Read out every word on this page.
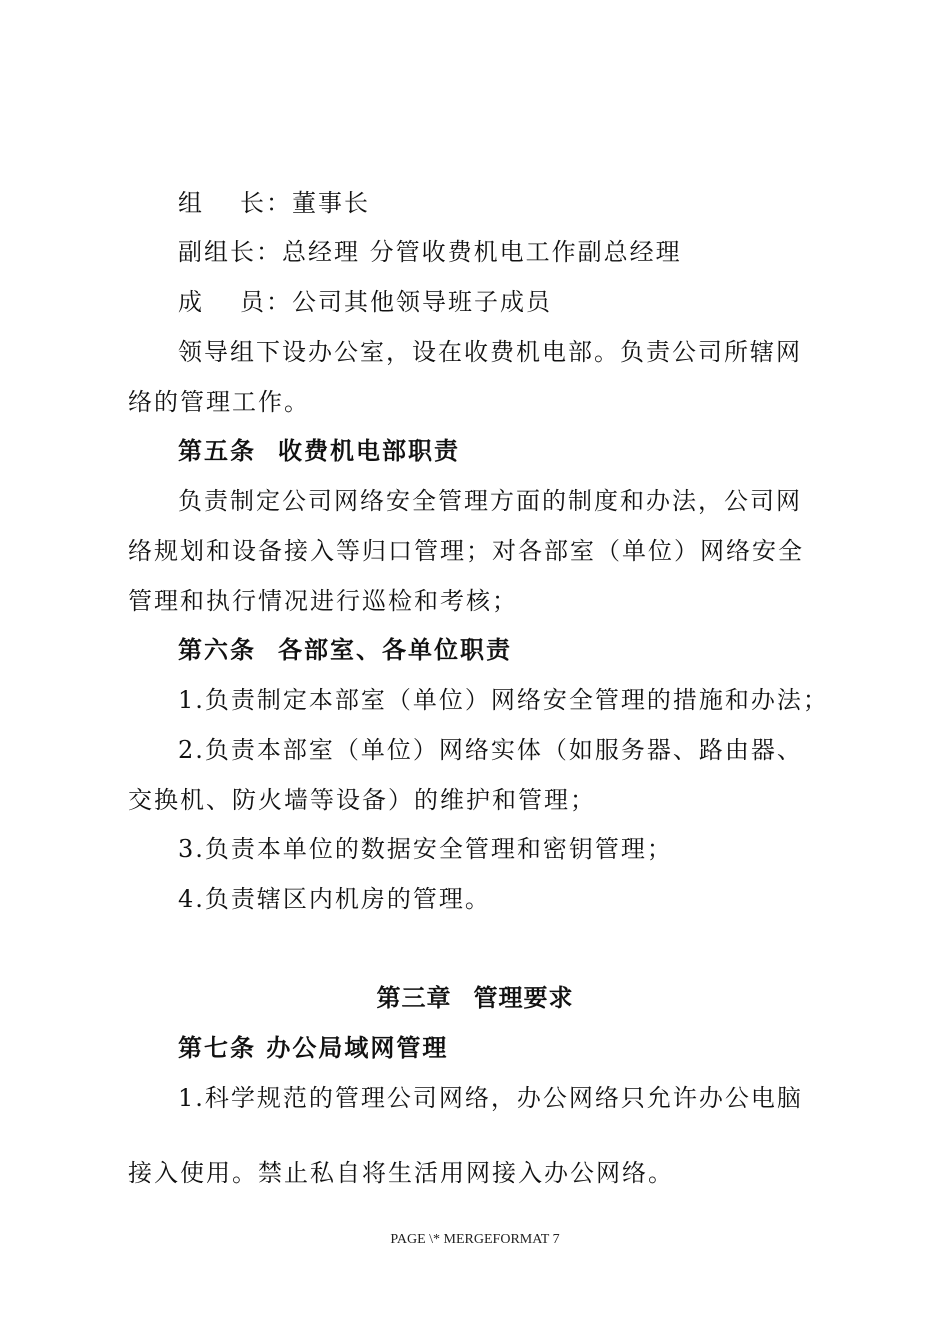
组 长：董事长
副组长：总经理 分管收费机电工作副总经理
成 员：公司其他领导班子成员
领导组下设办公室，设在收费机电部。负责公司所辖网
络的管理工作。
第五条 收费机电部职责
负责制定公司网络安全管理方面的制度和办法，公司网
络规划和设备接入等归口管理；对各部室（单位）网络安全
管理和执行情况进行巡检和考核；
第六条 各部室、各单位职责
1.负责制定本部室（单位）网络安全管理的措施和办法；
2.负责本部室（单位）网络实体（如服务器、路由器、
交换机、防火墙等设备）的维护和管理；
3.负责本单位的数据安全管理和密钥管理；
4.负责辖区内机房的管理。
第三章 管理要求
第七条 办公局域网管理
1.科学规范的管理公司网络，办公网络只允许办公电脑
接入使用。禁止私自将生活用网接入办公网络。
PAGE \* MERGEFORMAT 7
